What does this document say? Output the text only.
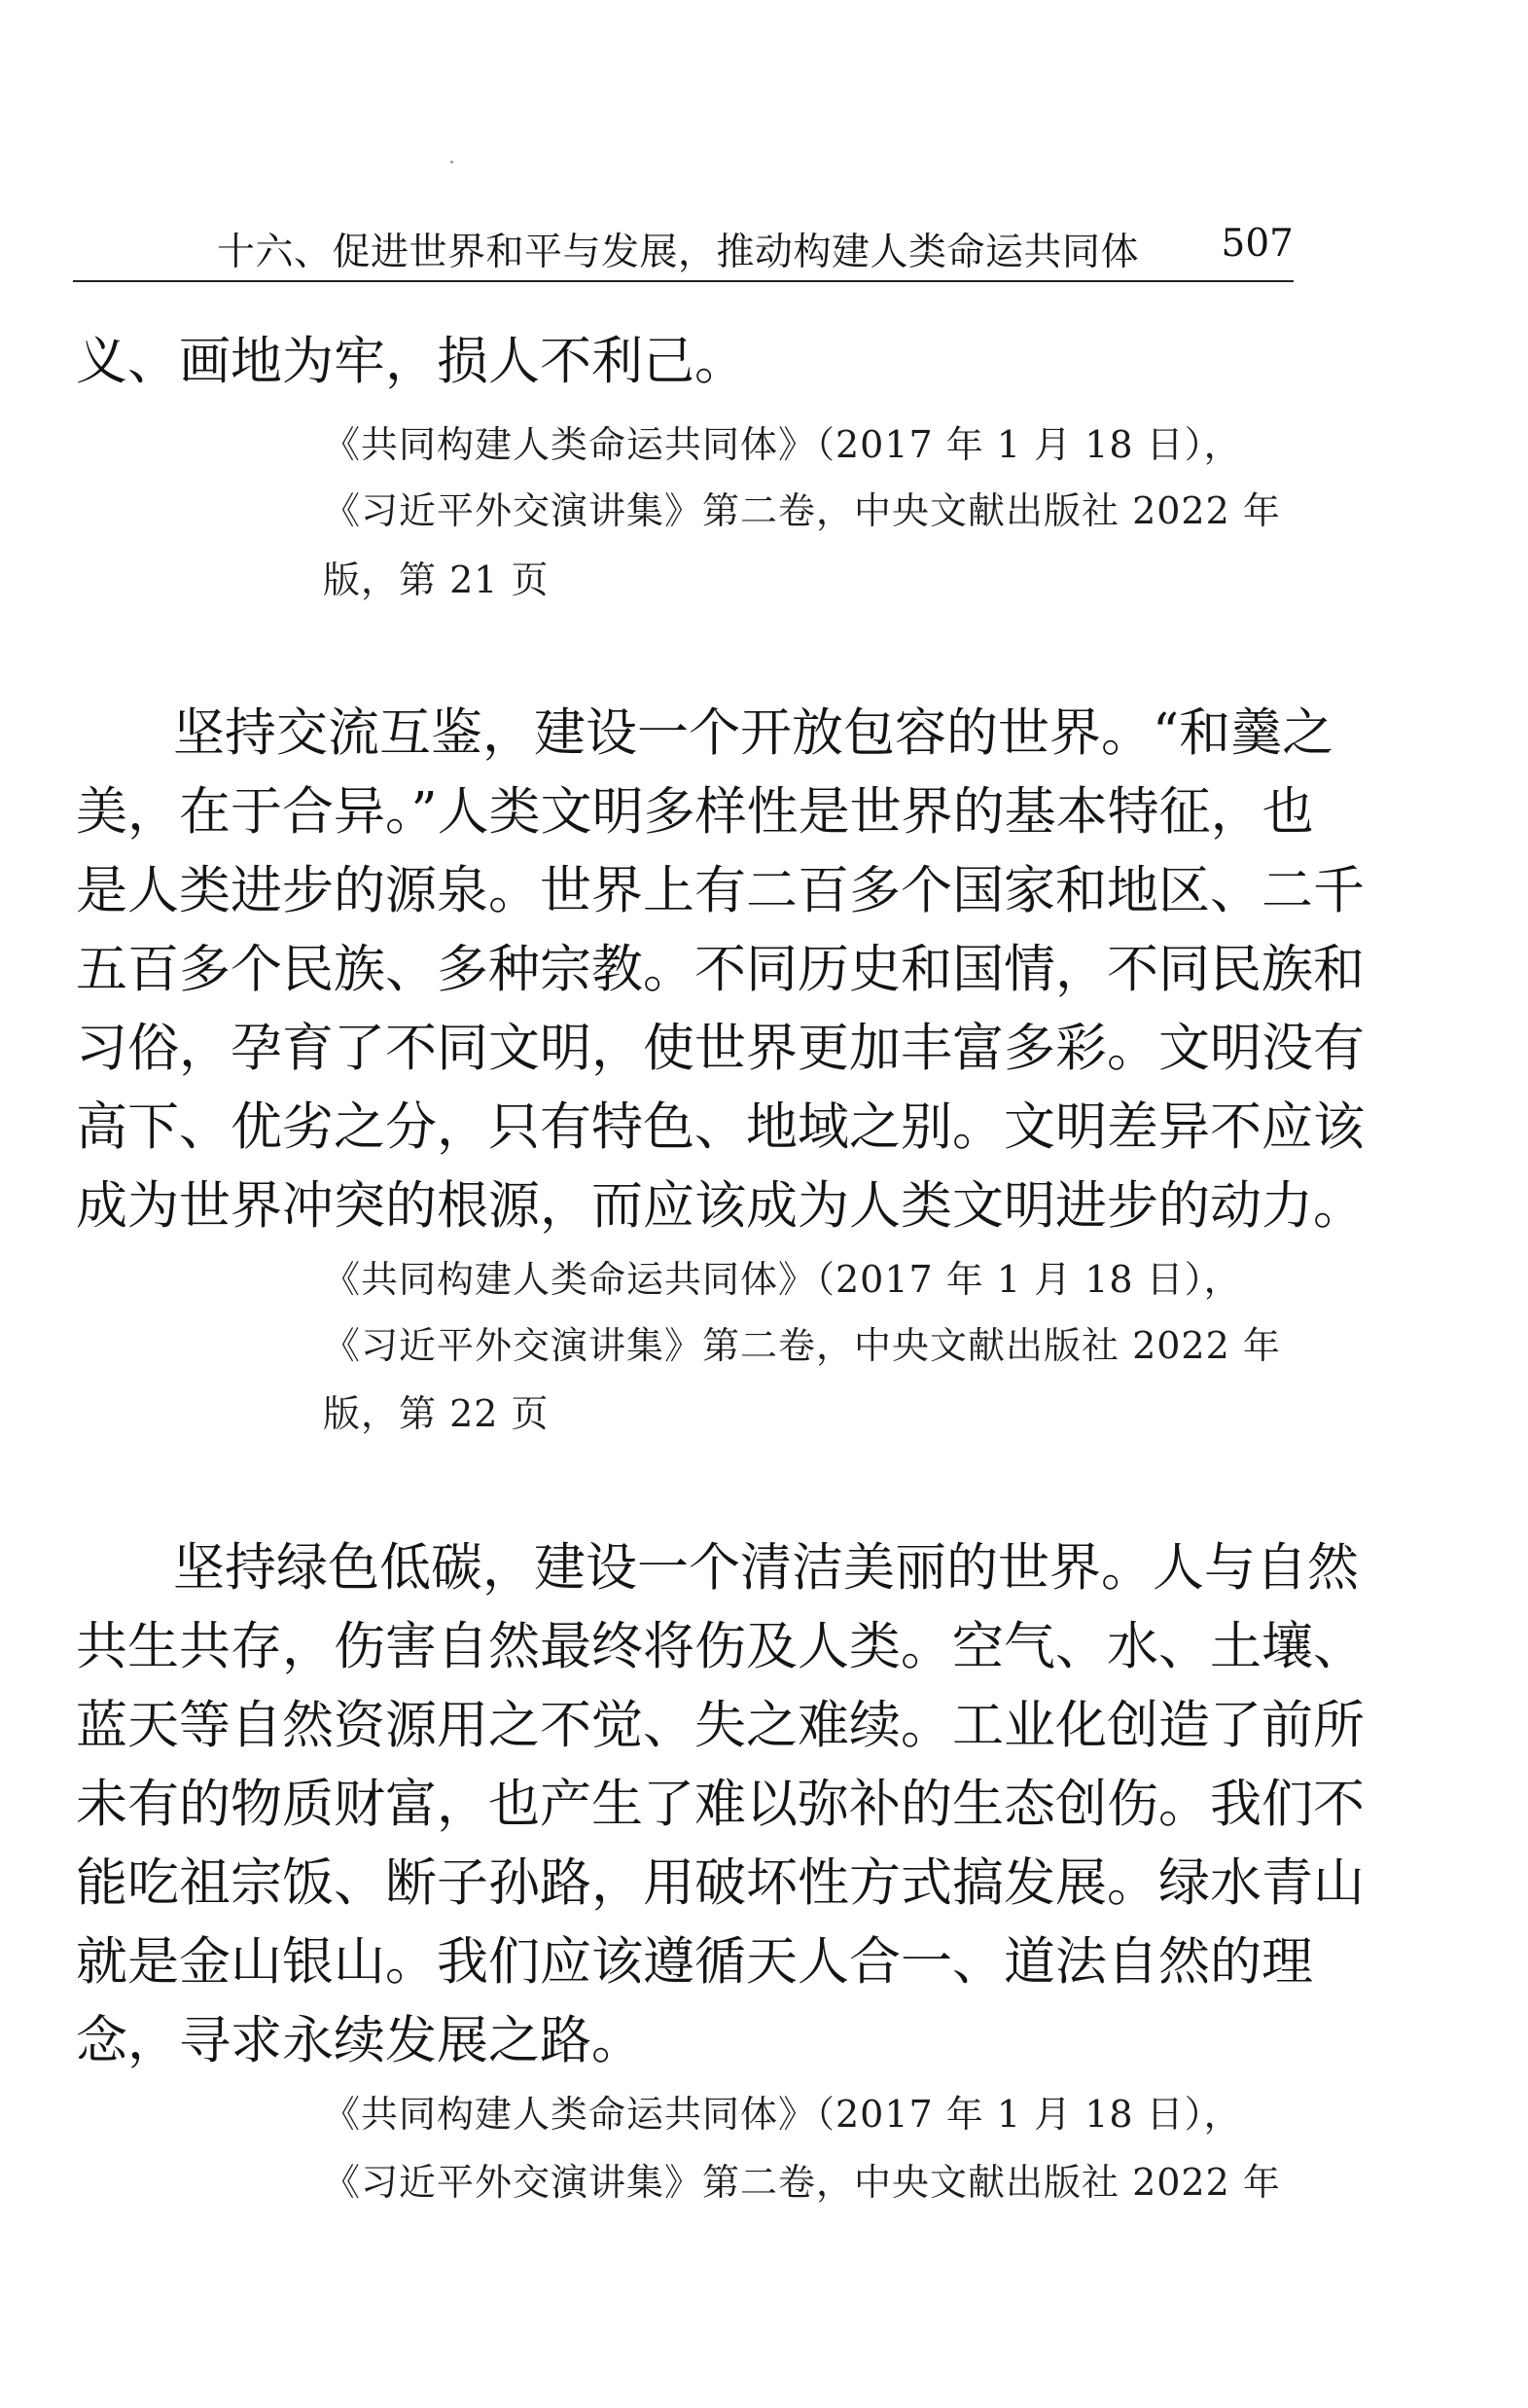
十六、促进世界和平与发展，推动构建人类命运共同体 507
义、画地为牢，损人不利己。
《共同构建人类命运共同体》（2017 年 1 月 18 日），
《习近平外交演讲集》第二卷，中央文献出版社 2022 年
版，第 21 页
坚持交流互鉴，建设一个开放包容的世界。“和羹之
美，在于合异。”人类文明多样性是世界的基本特征，也
是人类进步的源泉。世界上有二百多个国家和地区、二千
五百多个民族、多种宗教。不同历史和国情，不同民族和
习俗，孕育了不同文明，使世界更加丰富多彩。文明没有
高下、优劣之分，只有特色、地域之别。文明差异不应该
成为世界冲突的根源，而应该成为人类文明进步的动力。
《共同构建人类命运共同体》（2017 年 1 月 18 日），
《习近平外交演讲集》第二卷，中央文献出版社 2022 年
版，第 22 页
坚持绿色低碳，建设一个清洁美丽的世界。人与自然
共生共存，伤害自然最终将伤及人类。空气、水、土壤、
蓝天等自然资源用之不觉、失之难续。工业化创造了前所
未有的物质财富，也产生了难以弥补的生态创伤。我们不
能吃祖宗饭、断子孙路，用破坏性方式搞发展。绿水青山
就是金山银山。我们应该遵循天人合一、道法自然的理
念，寻求永续发展之路。
《共同构建人类命运共同体》（2017 年 1 月 18 日），
《习近平外交演讲集》第二卷，中央文献出版社 2022 年
